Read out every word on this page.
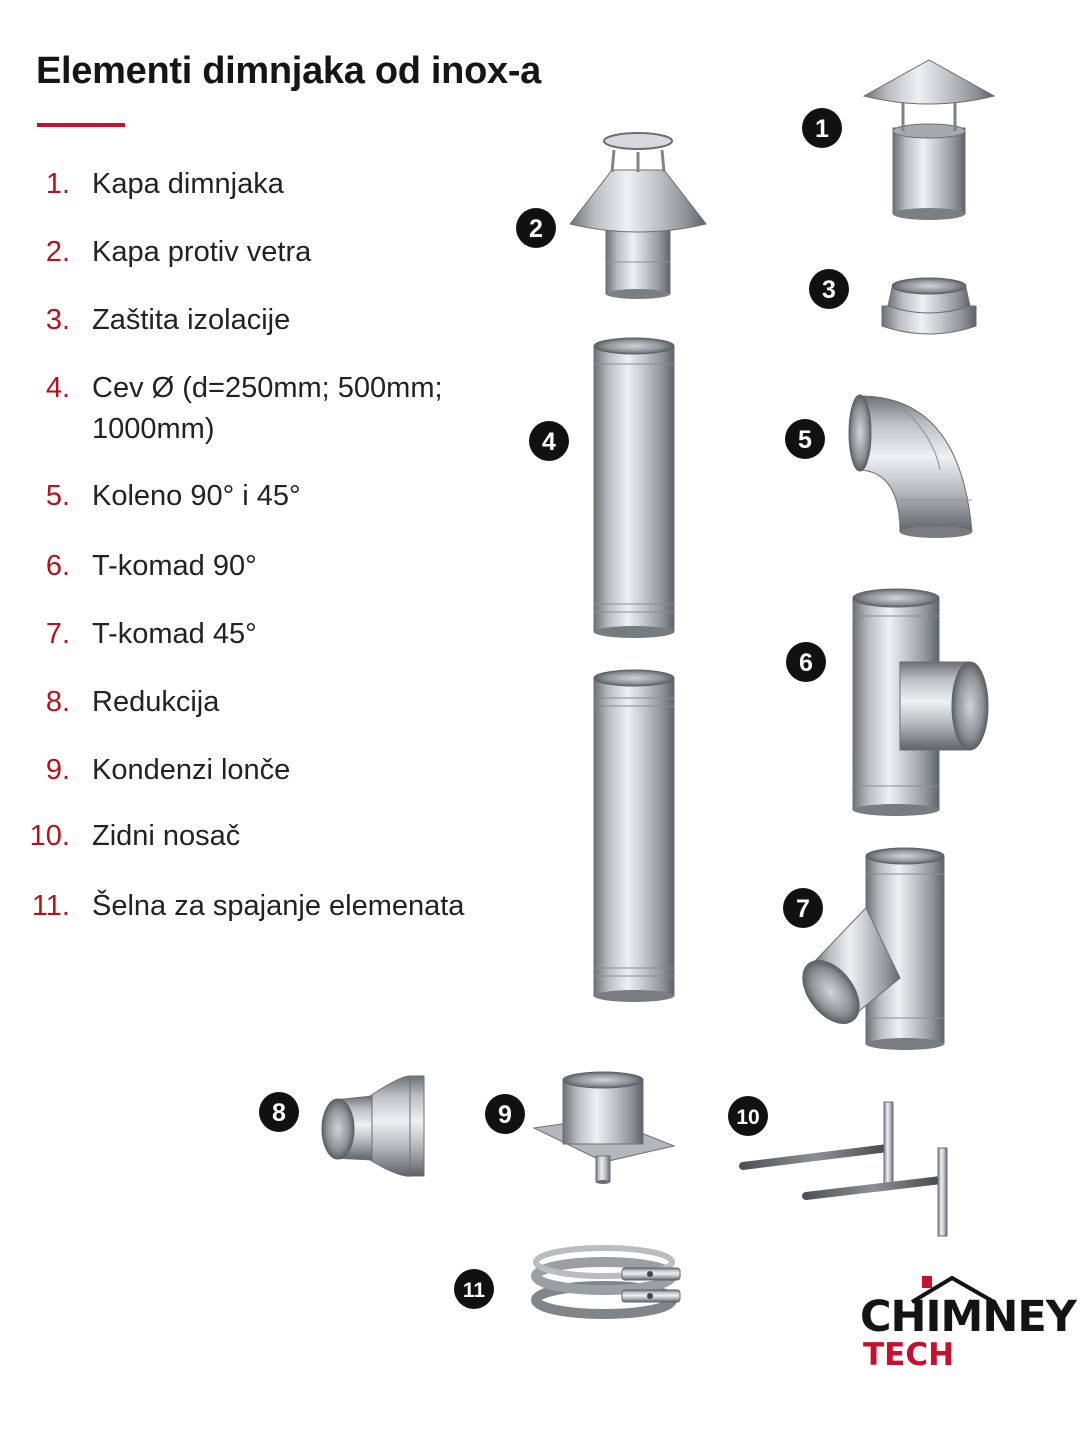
1
2
3
4	5
6
7
8	9	10
11
Elementi dimnjaka od inox-a
1. Kapa dimnjaka
2. Kapa protiv vetra
3. Zaštita izolacije
4. Cev Ø (d=250mm; 500mm; 1000mm)
5. Koleno 90° i 45°
6. T-komad 90°
7. T-komad 45°
8. Redukcija
9. Kondenzi lonče
10. Zidni nosač
11. Šelna za spajanje elemenata
CHIMNEY
TECH
